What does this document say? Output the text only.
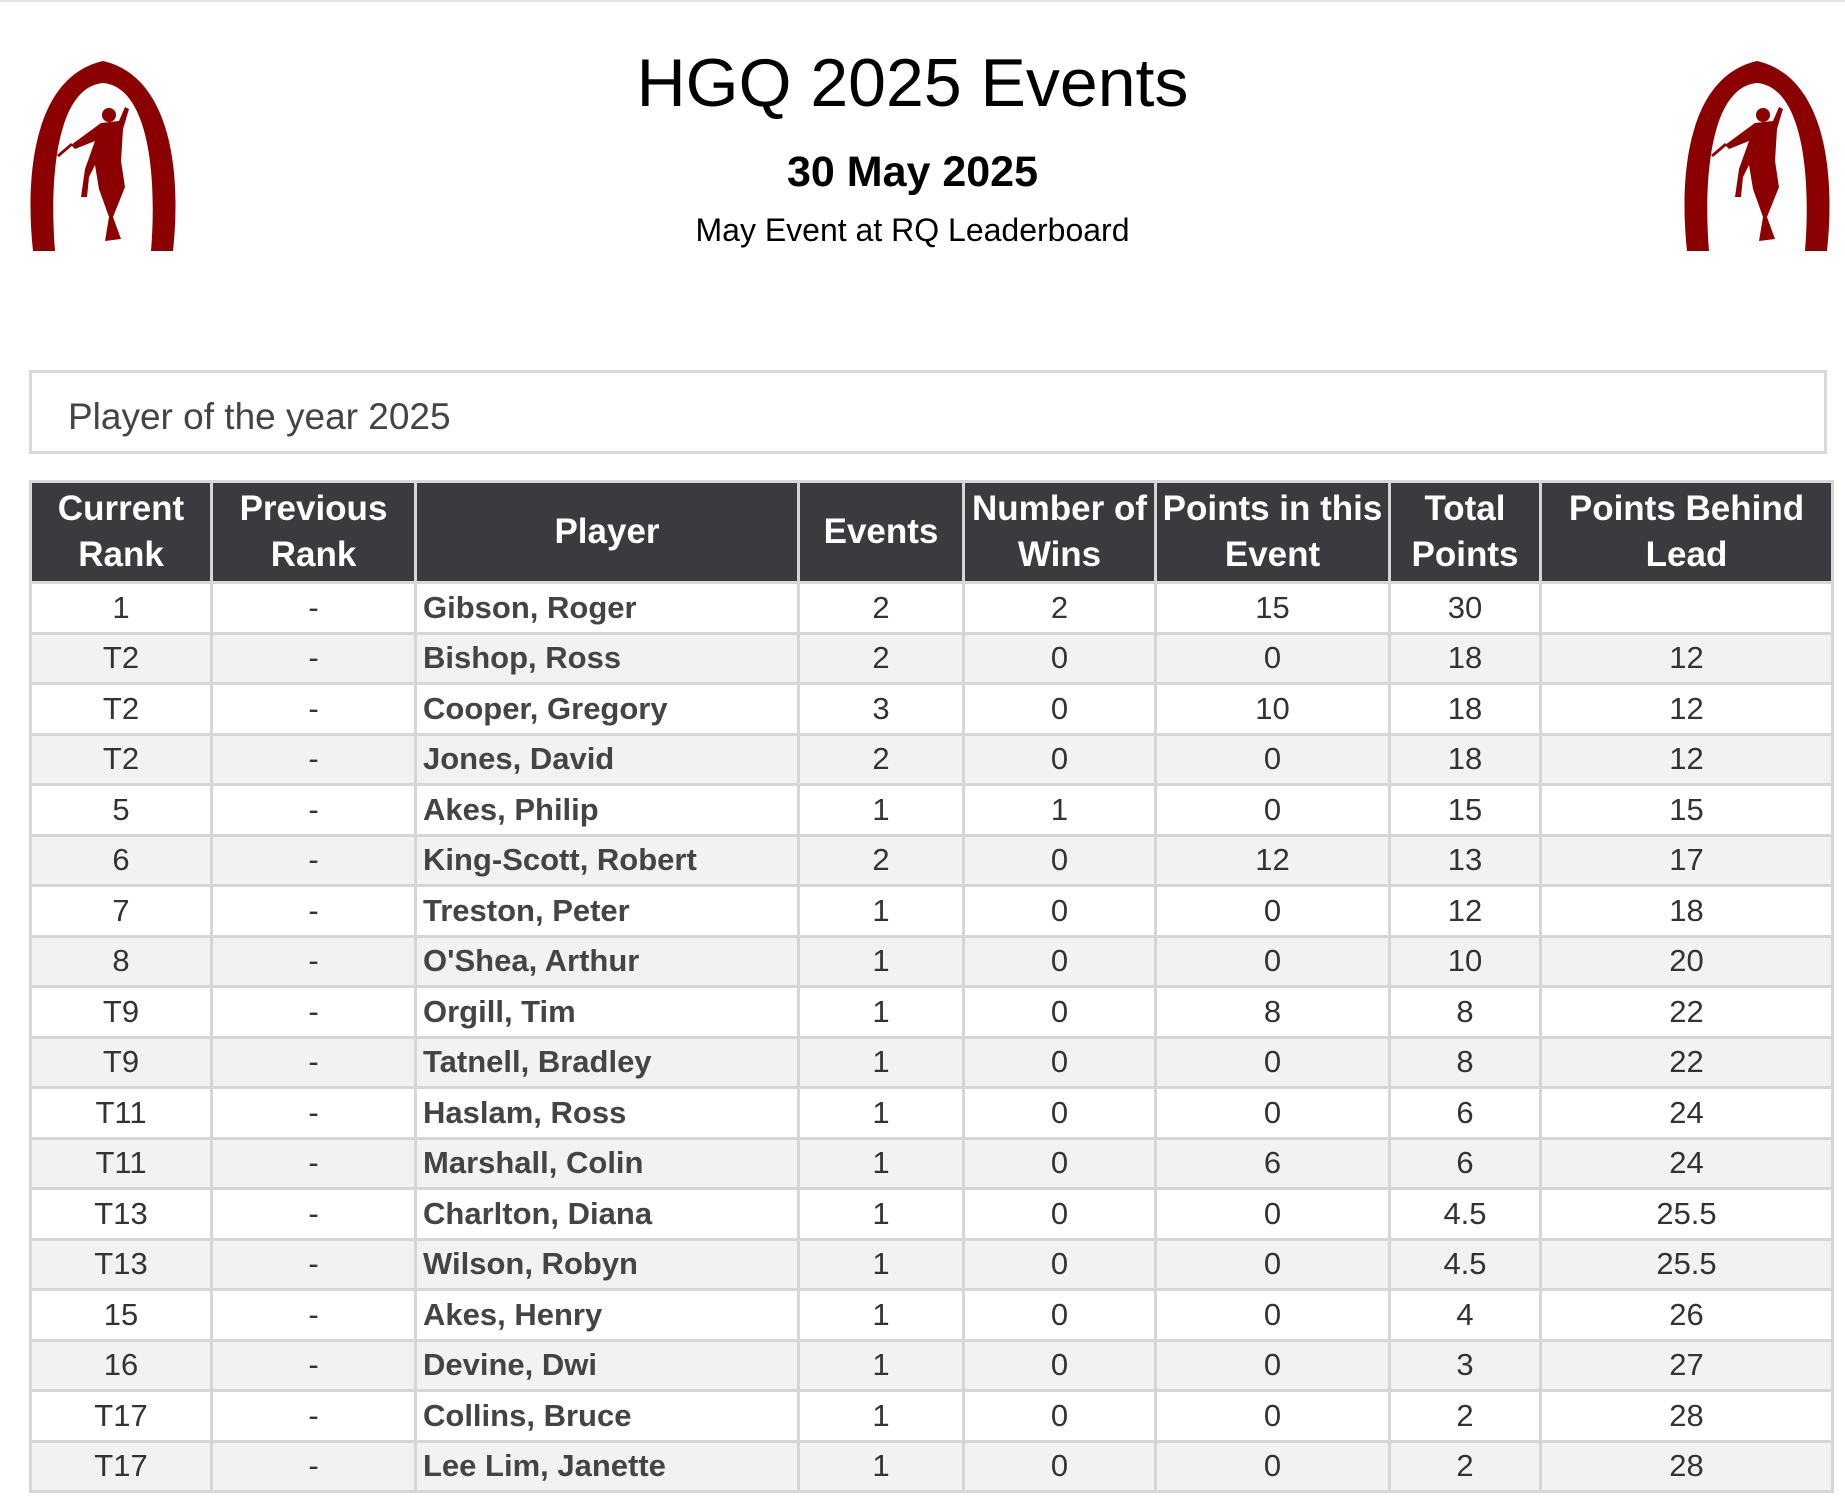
HGQ 2025 Events
30 May 2025
May Event at RQ Leaderboard
Player of the year 2025
Current Rank	Previous Rank	Player	Events	Number of Wins	Points in this Event	Total Points	Points Behind Lead
1	-	Gibson, Roger	2	2	15	30	
T2	-	Bishop, Ross	2	0	0	18	12
T2	-	Cooper, Gregory	3	0	10	18	12
T2	-	Jones, David	2	0	0	18	12
5	-	Akes, Philip	1	1	0	15	15
6	-	King-Scott, Robert	2	0	12	13	17
7	-	Treston, Peter	1	0	0	12	18
8	-	O'Shea, Arthur	1	0	0	10	20
T9	-	Orgill, Tim	1	0	8	8	22
T9	-	Tatnell, Bradley	1	0	0	8	22
T11	-	Haslam, Ross	1	0	0	6	24
T11	-	Marshall, Colin	1	0	6	6	24
T13	-	Charlton, Diana	1	0	0	4.5	25.5
T13	-	Wilson, Robyn	1	0	0	4.5	25.5
15	-	Akes, Henry	1	0	0	4	26
16	-	Devine, Dwi	1	0	0	3	27
T17	-	Collins, Bruce	1	0	0	2	28
T17	-	Lee Lim, Janette	1	0	0	2	28
